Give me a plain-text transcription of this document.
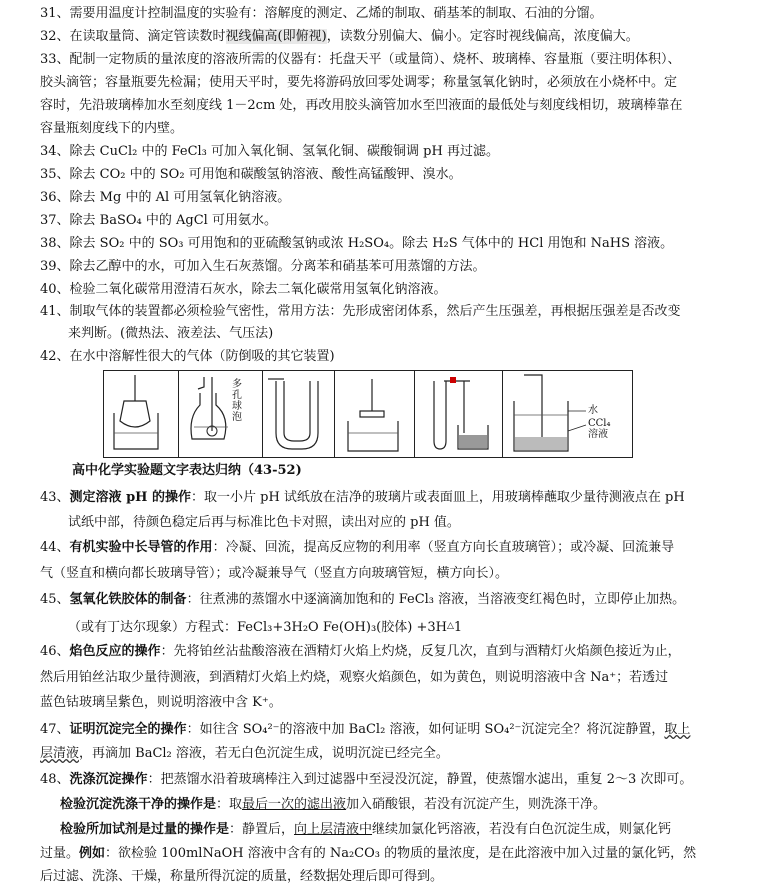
31、需要用温度计控制温度的实验有：溶解度的测定、乙烯的制取、硝基苯的制取、石油的分馏。
32、在读取量筒、滴定管读数时视线偏高(即俯视)，读数分别偏大、偏小。定容时视线偏高，浓度偏大。
33、配制一定物质的量浓度的溶液所需的仪器有：托盘天平（或量筒）、烧杯、玻璃棒、容量瓶（要注明体积）、
胶头滴管；容量瓶要先检漏；使用天平时，要先将游码放回零处调零；称量氢氧化钠时，必须放在小烧杯中。定
容时，先沿玻璃棒加水至刻度线 1－2cm 处，再改用胶头滴管加水至凹液面的最低处与刻度线相切，玻璃棒靠在
容量瓶刻度线下的内壁。
34、除去 CuCl₂ 中的 FeCl₃ 可加入氧化铜、氢氧化铜、碳酸铜调 pH 再过滤。
35、除去 CO₂ 中的 SO₂ 可用饱和碳酸氢钠溶液、酸性高锰酸钾、溴水。
36、除去 Mg 中的 Al 可用氢氧化钠溶液。
37、除去 BaSO₄ 中的 AgCl 可用氨水。
38、除去 SO₂ 中的 SO₃ 可用饱和的亚硫酸氢钠或浓 H₂SO₄。除去 H₂S 气体中的 HCl 用饱和 NaHS 溶液。
39、除去乙醇中的水，可加入生石灰蒸馏。分离苯和硝基苯可用蒸馏的方法。
40、检验二氧化碳常用澄清石灰水，除去二氧化碳常用氢氧化钠溶液。
41、制取气体的装置都必须检验气密性，常用方法：先形成密闭体系，然后产生压强差，再根据压强差是否改变
来判断。(微热法、液差法、气压法)
42、在水中溶解性很大的气体（防倒吸的其它装置)
多孔球泡
水
CCl₄
溶液
高中化学实验题文字表达归纳（43-52)
43、测定溶液 pH 的操作：取一小片 pH 试纸放在洁净的玻璃片或表面皿上，用玻璃棒蘸取少量待测液点在 pH
试纸中部，待颜色稳定后再与标准比色卡对照，读出对应的 pH 值。
44、有机实验中长导管的作用：冷凝、回流，提高反应物的利用率（竖直方向长直玻璃管）；或冷凝、回流兼导
气（竖直和横向都长玻璃导管）；或冷凝兼导气（竖直方向玻璃管短，横方向长）。
45、氢氧化铁胶体的制备：往煮沸的蒸馏水中逐滴滴加饱和的 FeCl₃ 溶液，当溶液变红褐色时，立即停止加热。
（或有丁达尔现象）方程式：FeCl₃+3H₂O Fe(OH)₃(胶体) +3H△1
46、焰色反应的操作：先将铂丝沾盐酸溶液在酒精灯火焰上灼烧，反复几次，直到与酒精灯火焰颜色接近为止，
然后用铂丝沾取少量待测液，到酒精灯火焰上灼烧，观察火焰颜色，如为黄色，则说明溶液中含 Na⁺；若透过
蓝色钴玻璃呈紫色，则说明溶液中含 K⁺。
47、证明沉淀完全的操作：如往含 SO₄²⁻的溶液中加 BaCl₂ 溶液，如何证明 SO₄²⁻沉淀完全？将沉淀静置，取上
层清液，再滴加 BaCl₂ 溶液，若无白色沉淀生成，说明沉淀已经完全。
48、洗涤沉淀操作：把蒸馏水沿着玻璃棒注入到过滤器中至浸没沉淀，静置，使蒸馏水滤出，重复 2～3 次即可。
检验沉淀洗涤干净的操作是：取最后一次的滤出液加入硝酸银，若没有沉淀产生，则洗涤干净。
检验所加试剂是过量的操作是：静置后，向上层清液中继续加氯化钙溶液，若没有白色沉淀生成，则氯化钙
过量。例如：欲检验 100mlNaOH 溶液中含有的 Na₂CO₃ 的物质的量浓度，是在此溶液中加入过量的氯化钙，然
后过滤、洗涤、干燥，称量所得沉淀的质量，经数据处理后即可得到。
